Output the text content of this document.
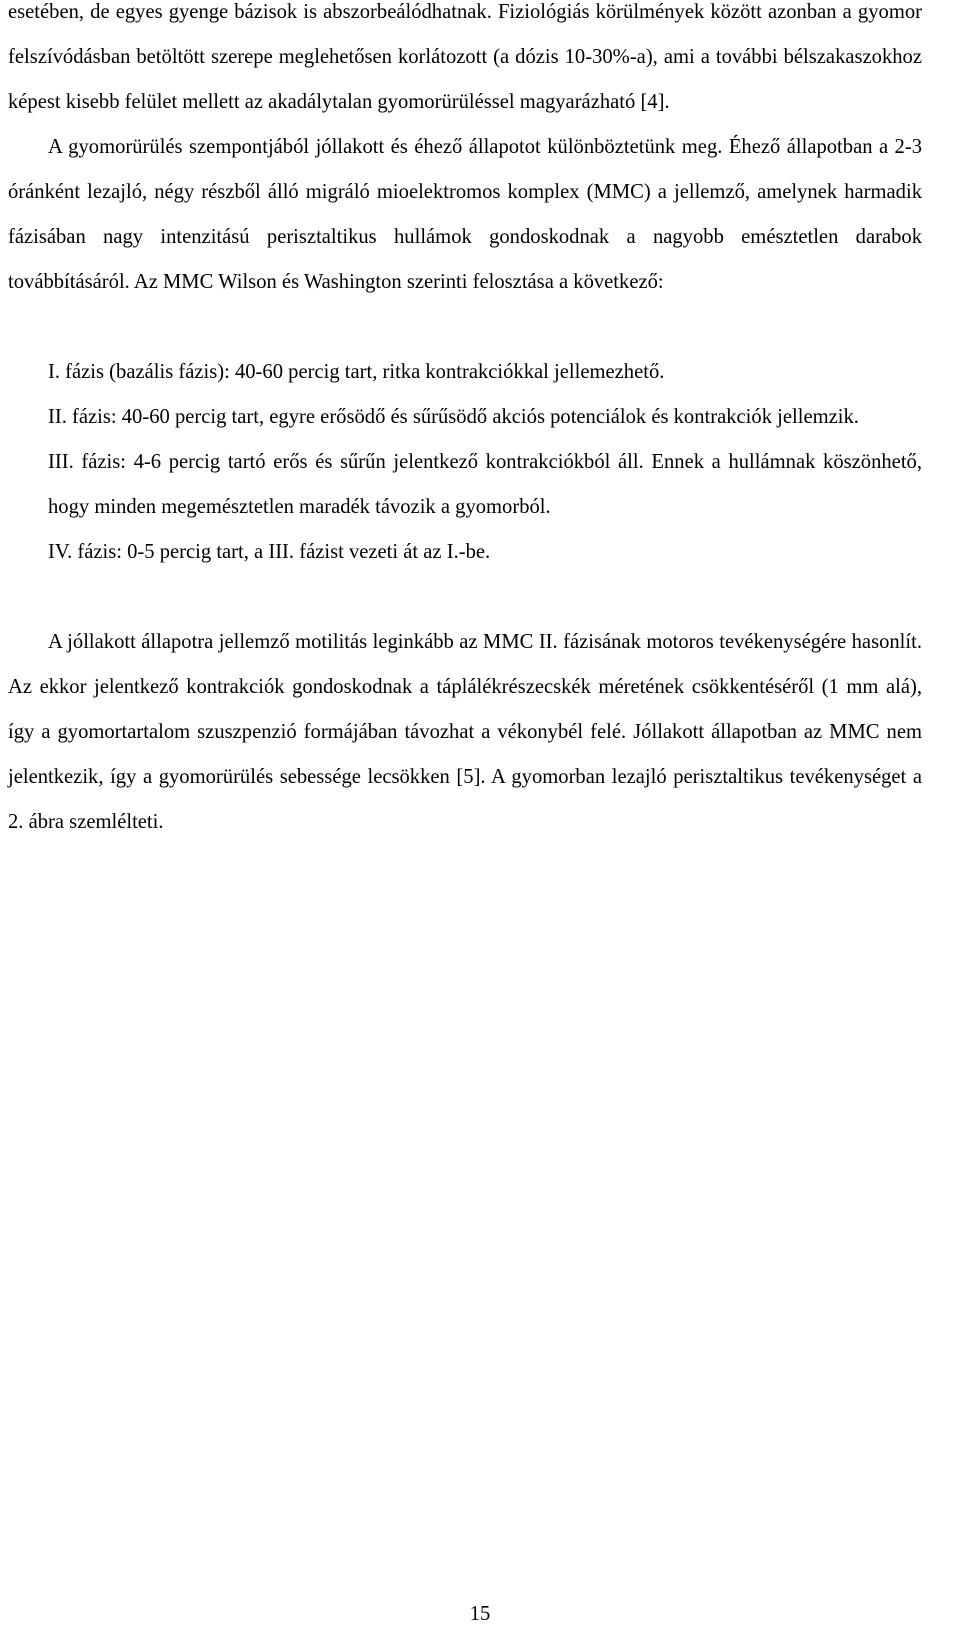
esetében, de egyes gyenge bázisok is abszorbeálódhatnak. Fiziológiás körülmények között azonban a gyomor felszívódásban betöltött szerepe meglehetősen korlátozott (a dózis 10-30%-a), ami a további bélszakaszokhoz képest kisebb felület mellett az akadálytalan gyomorürüléssel magyarázható [4].

A gyomorürülés szempontjából jóllakott és éhező állapotot különböztetünk meg. Éhező állapotban a 2-3 óránként lezajló, négy részből álló migráló mioelektromos komplex (MMC) a jellemző, amelynek harmadik fázisában nagy intenzitású perisztaltikus hullámok gondoskodnak a nagyobb emésztetlen darabok továbbításáról. Az MMC Wilson és Washington szerinti felosztása a következő:

I. fázis (bazális fázis): 40-60 percig tart, ritka kontrakciókkal jellemezhető.

II. fázis: 40-60 percig tart, egyre erősödő és sűrűsödő akciós potenciálok és kontrakciók jellemzik.

III. fázis: 4-6 percig tartó erős és sűrűn jelentkező kontrakciókból áll. Ennek a hullámnak köszönhető, hogy minden megemésztetlen maradék távozik a gyomorból.

IV. fázis: 0-5 percig tart, a III. fázist vezeti át az I.-be.

A jóllakott állapotra jellemző motilitás leginkább az MMC II. fázisának motoros tevékenységére hasonlít. Az ekkor jelentkező kontrakciók gondoskodnak a táplálékrészecskék méretének csökkentéséről (1 mm alá), így a gyomortartalom szuszpenzió formájában távozhat a vékonybél felé. Jóllakott állapotban az MMC nem jelentkezik, így a gyomorürülés sebessége lecsökken [5]. A gyomorban lezajló perisztaltikus tevékenységet a 2. ábra szemlélteti.

15
